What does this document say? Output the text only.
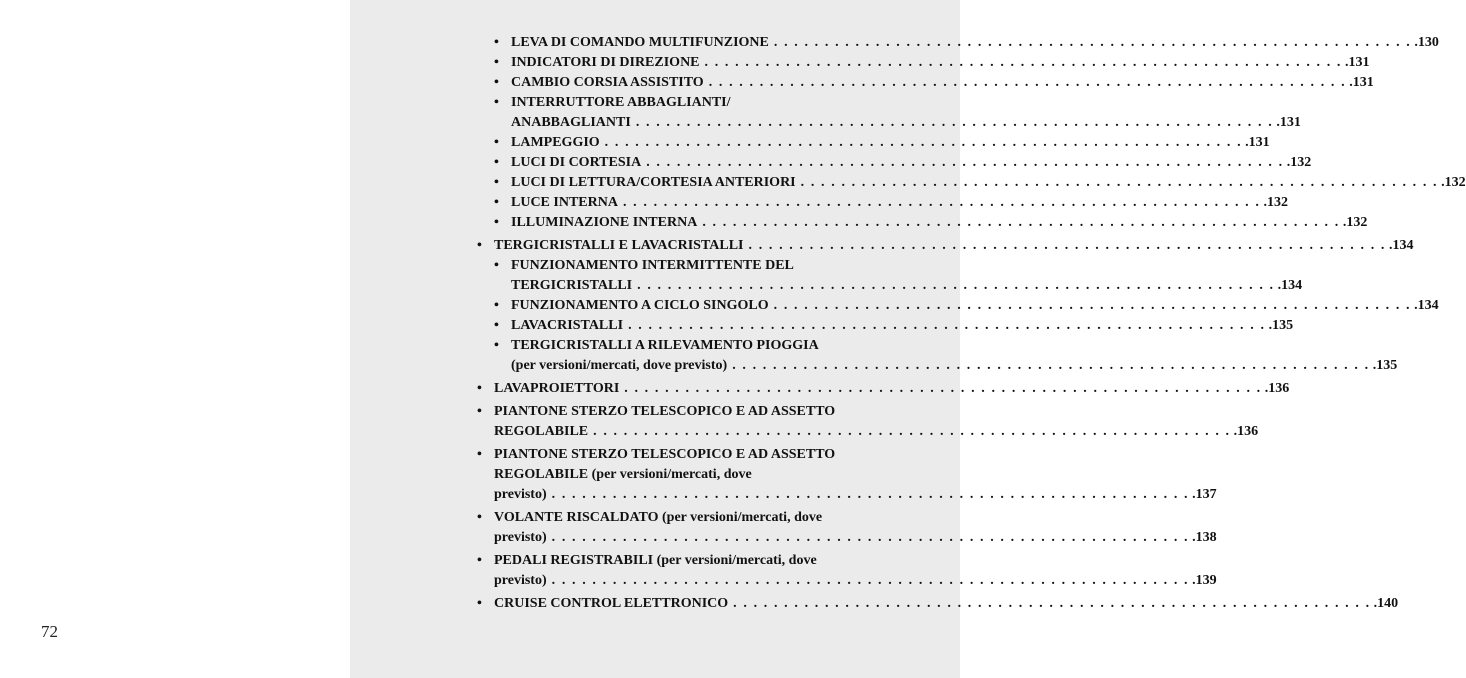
72
• LEVA DI COMANDO MULTIFUNZIONE . . . . . . . . . . . . . . . . . . . . . . . . . . . . . . . . . . . . . . . . . . . . . . . . . . . . . . . . . . . . . . . .130
• INDICATORI DI DIREZIONE . . . . . . . . . . . . . . . . . . . . . . . . . . . . . . . . . . . . . . . . . . . . . . . . . . . . . . . . . . . . . . . .131
• CAMBIO CORSIA ASSISTITO . . . . . . . . . . . . . . . . . . . . . . . . . . . . . . . . . . . . . . . . . . . . . . . . . . . . . . . . . . . . . . . .131
• INTERRUTTORE ABBAGLIANTI/
ANABBAGLIANTI . . . . . . . . . . . . . . . . . . . . . . . . . . . . . . . . . . . . . . . . . . . . . . . . . . . . . . . . . . . . . . . .131
• LAMPEGGIO . . . . . . . . . . . . . . . . . . . . . . . . . . . . . . . . . . . . . . . . . . . . . . . . . . . . . . . . . . . . . . . .131
• LUCI DI CORTESIA . . . . . . . . . . . . . . . . . . . . . . . . . . . . . . . . . . . . . . . . . . . . . . . . . . . . . . . . . . . . . . . .132
• LUCI DI LETTURA/CORTESIA ANTERIORI . . . . . . . . . . . . . . . . . . . . . . . . . . . . . . . . . . . . . . . . . . . . . . . . . . . . . . . . . . . . . . . .132
• LUCE INTERNA . . . . . . . . . . . . . . . . . . . . . . . . . . . . . . . . . . . . . . . . . . . . . . . . . . . . . . . . . . . . . . . .132
• ILLUMINAZIONE INTERNA . . . . . . . . . . . . . . . . . . . . . . . . . . . . . . . . . . . . . . . . . . . . . . . . . . . . . . . . . . . . . . . .132
• TERGICRISTALLI E LAVACRISTALLI . . . . . . . . . . . . . . . . . . . . . . . . . . . . . . . . . . . . . . . . . . . . . . . . . . . . . . . . . . . . . . . .134
• FUNZIONAMENTO INTERMITTENTE DEL
TERGICRISTALLI . . . . . . . . . . . . . . . . . . . . . . . . . . . . . . . . . . . . . . . . . . . . . . . . . . . . . . . . . . . . . . . .134
• FUNZIONAMENTO A CICLO SINGOLO . . . . . . . . . . . . . . . . . . . . . . . . . . . . . . . . . . . . . . . . . . . . . . . . . . . . . . . . . . . . . . . .134
• LAVACRISTALLI . . . . . . . . . . . . . . . . . . . . . . . . . . . . . . . . . . . . . . . . . . . . . . . . . . . . . . . . . . . . . . . .135
• TERGICRISTALLI A RILEVAMENTO PIOGGIA
(per versioni/mercati, dove previsto) . . . . . . . . . . . . . . . . . . . . . . . . . . . . . . . . . . . . . . . . . . . . . . . . . . . . . . . . . . . . . . . .135
• LAVAPROIETTORI . . . . . . . . . . . . . . . . . . . . . . . . . . . . . . . . . . . . . . . . . . . . . . . . . . . . . . . . . . . . . . . .136
• PIANTONE STERZO TELESCOPICO E AD ASSETTO
REGOLABILE . . . . . . . . . . . . . . . . . . . . . . . . . . . . . . . . . . . . . . . . . . . . . . . . . . . . . . . . . . . . . . . .136
• PIANTONE STERZO TELESCOPICO E AD ASSETTO
REGOLABILE (per versioni/mercati, dove
previsto) . . . . . . . . . . . . . . . . . . . . . . . . . . . . . . . . . . . . . . . . . . . . . . . . . . . . . . . . . . . . . . . .137
• VOLANTE RISCALDATO (per versioni/mercati, dove
previsto) . . . . . . . . . . . . . . . . . . . . . . . . . . . . . . . . . . . . . . . . . . . . . . . . . . . . . . . . . . . . . . . .138
• PEDALI REGISTRABILI (per versioni/mercati, dove
previsto) . . . . . . . . . . . . . . . . . . . . . . . . . . . . . . . . . . . . . . . . . . . . . . . . . . . . . . . . . . . . . . . .139
• CRUISE CONTROL ELETTRONICO . . . . . . . . . . . . . . . . . . . . . . . . . . . . . . . . . . . . . . . . . . . . . . . . . . . . . . . . . . . . . . . .140
